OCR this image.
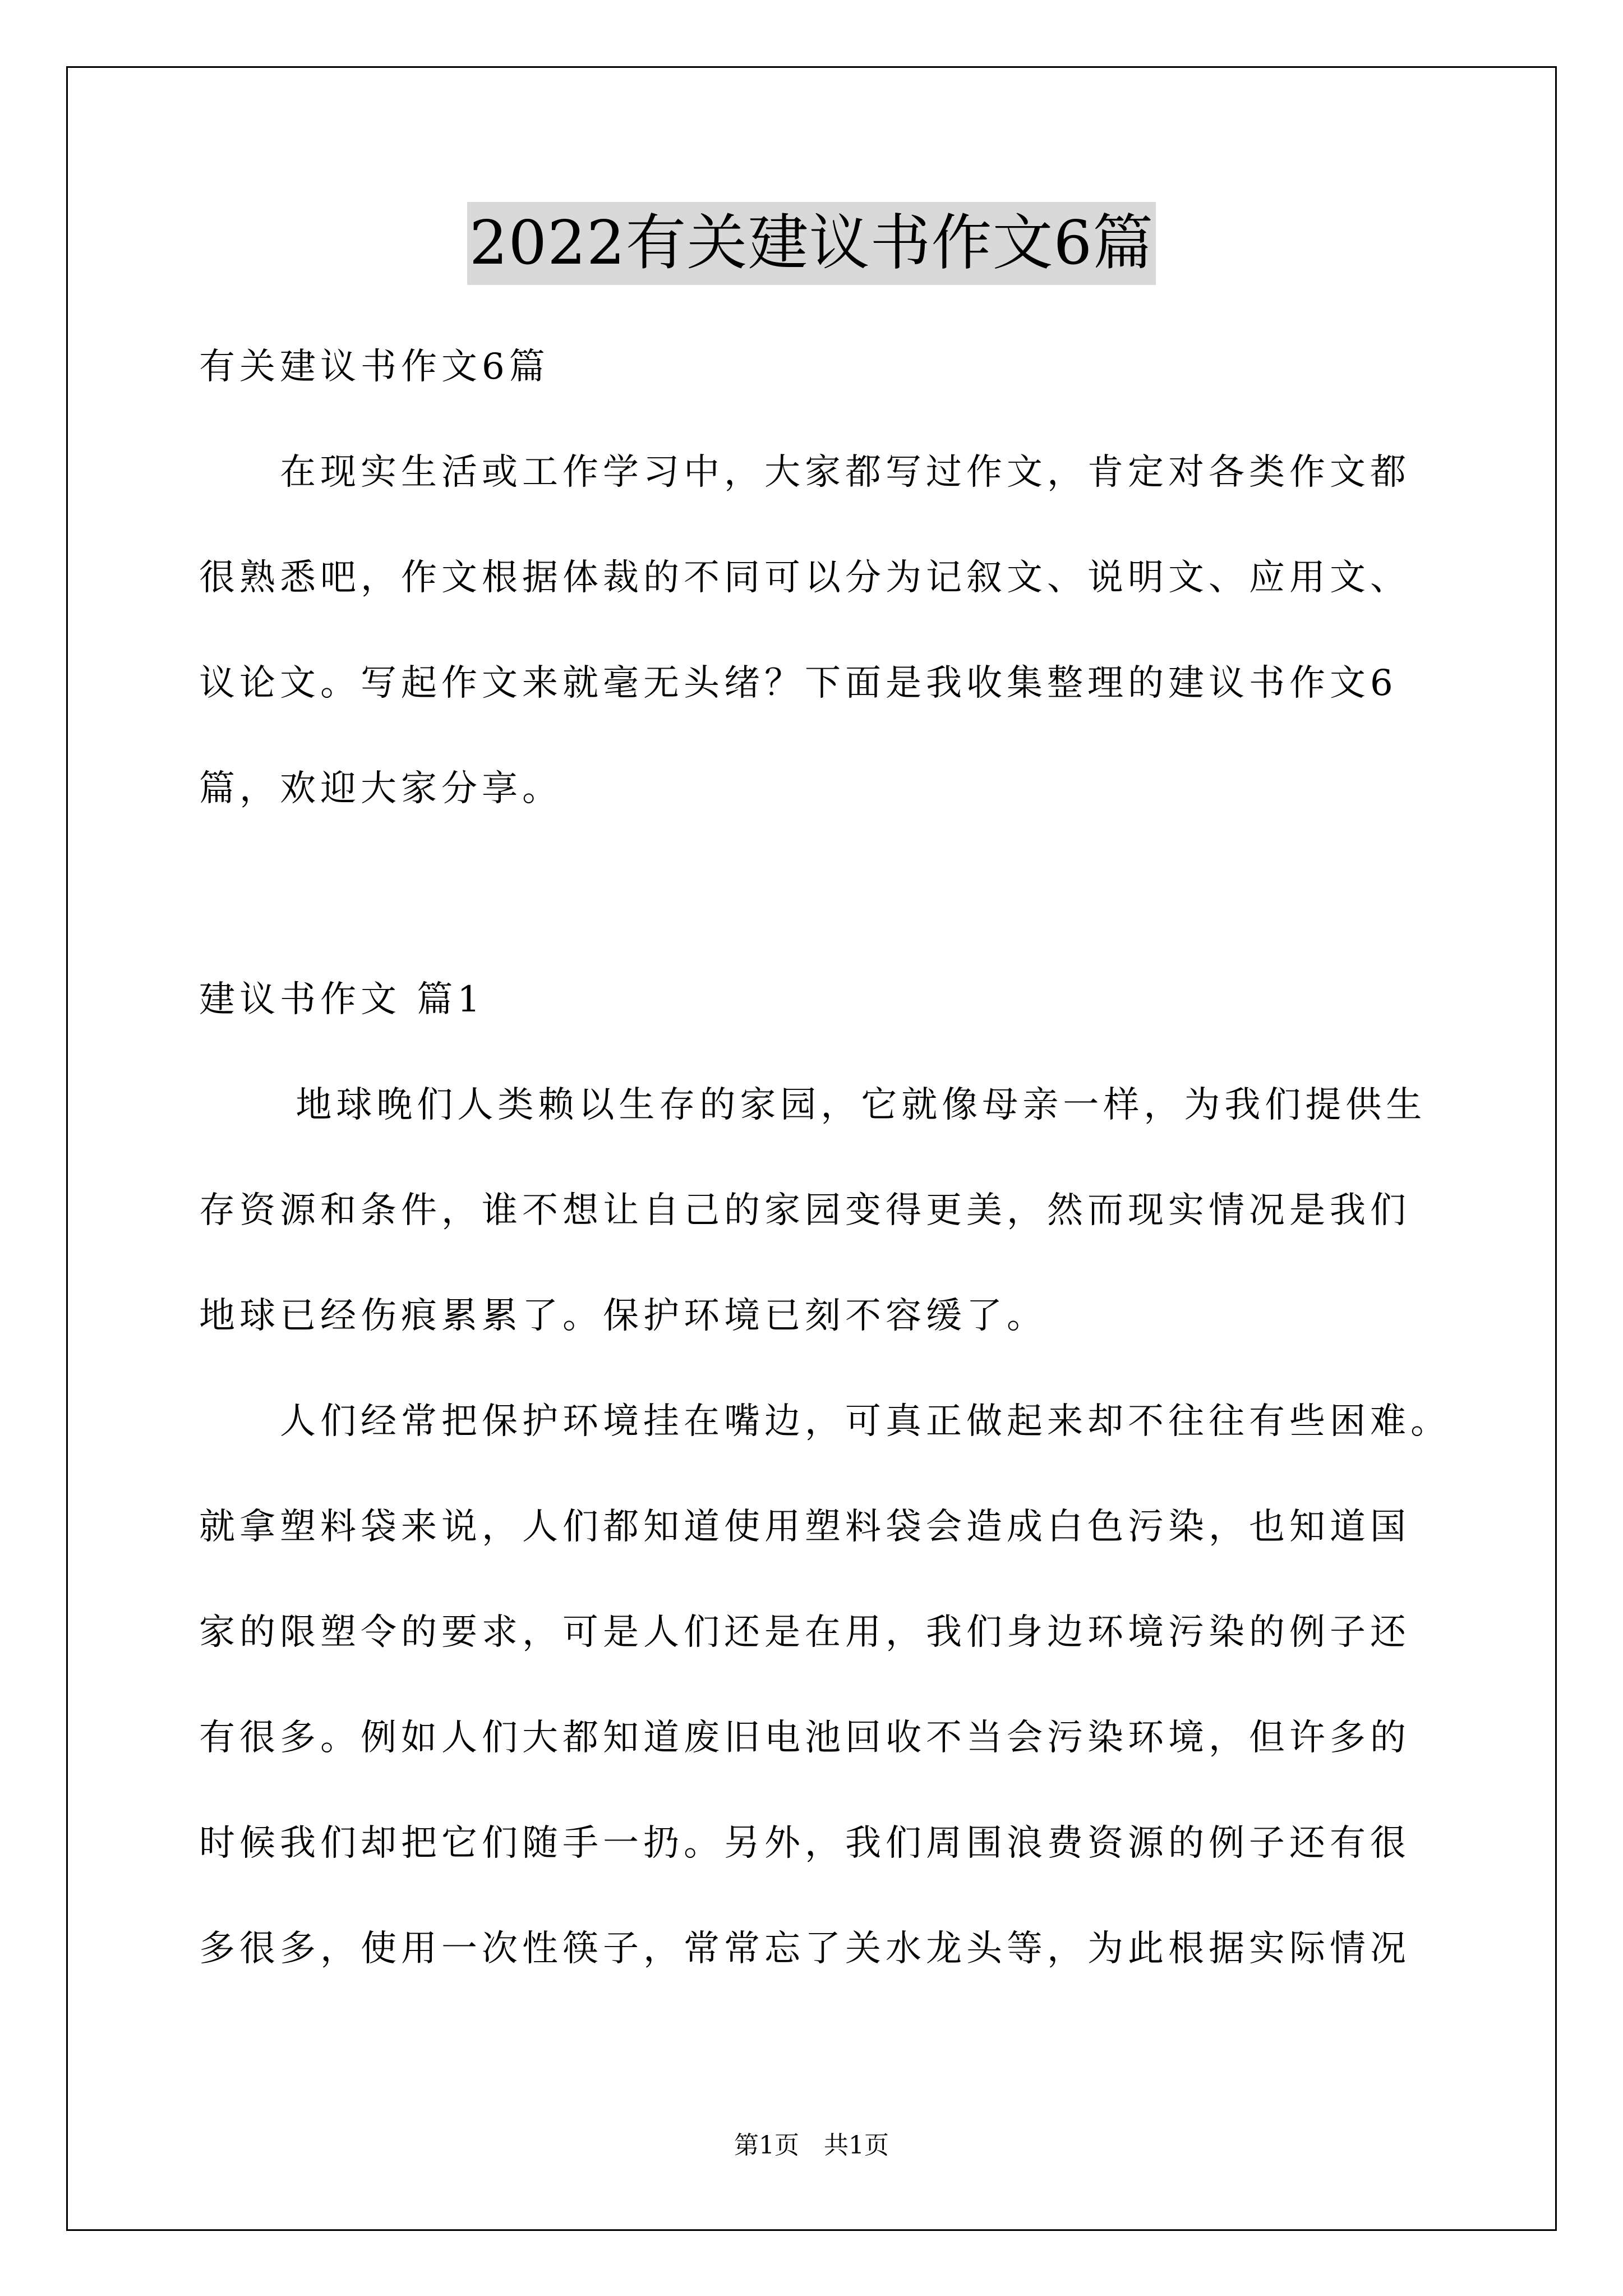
2022有关建议书作文6篇
有关建议书作文6篇
　　在现实生活或工作学习中，大家都写过作文，肯定对各类作文都
很熟悉吧，作文根据体裁的不同可以分为记叙文、说明文、应用文、
议论文。写起作文来就毫无头绪？下面是我收集整理的建议书作文6
篇，欢迎大家分享。
建议书作文 篇1
　　 地球晚们人类赖以生存的家园，它就像母亲一样，为我们提供生
存资源和条件，谁不想让自己的家园变得更美，然而现实情况是我们
地球已经伤痕累累了。保护环境已刻不容缓了。
　　人们经常把保护环境挂在嘴边，可真正做起来却不往往有些困难。
就拿塑料袋来说，人们都知道使用塑料袋会造成白色污染，也知道国
家的限塑令的要求，可是人们还是在用，我们身边环境污染的例子还
有很多。例如人们大都知道废旧电池回收不当会污染环境，但许多的
时候我们却把它们随手一扔。另外，我们周围浪费资源的例子还有很
多很多，使用一次性筷子，常常忘了关水龙头等，为此根据实际情况
第1页　共1页
